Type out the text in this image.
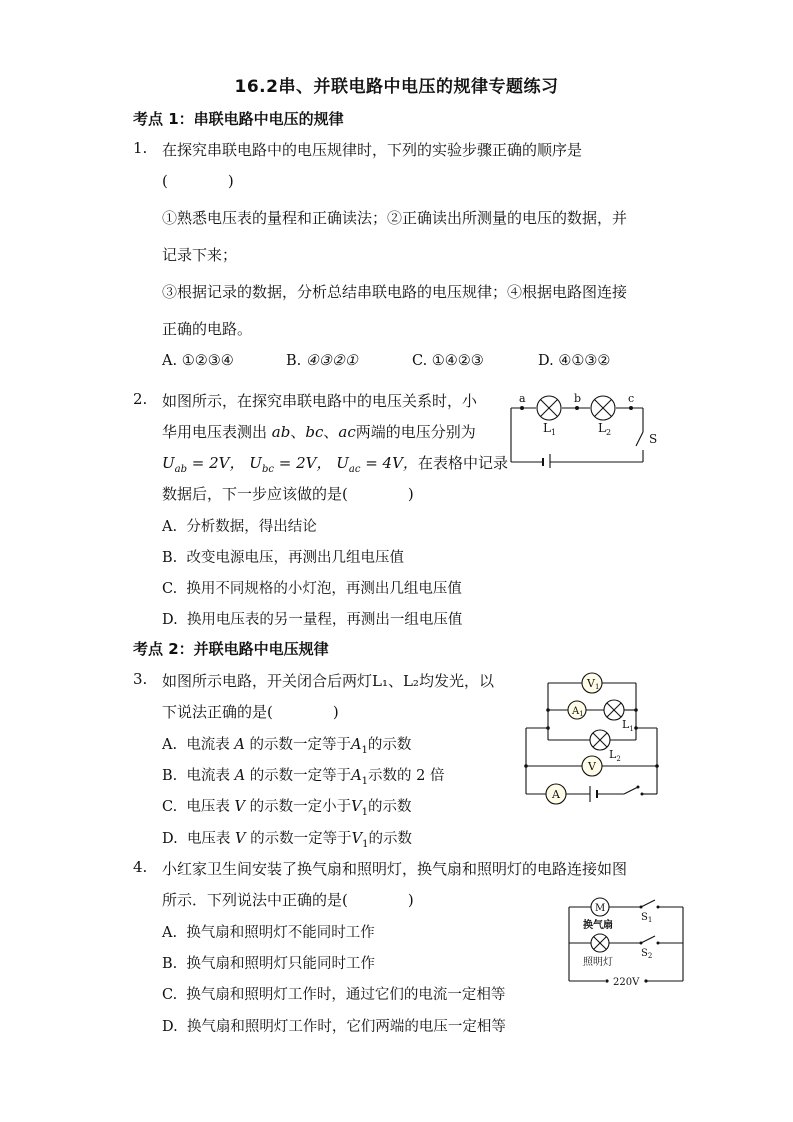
16.2串、并联电路中电压的规律专题练习
考点 1：串联电路中电压的规律
1. 在探究串联电路中的电压规律时，下列的实验步骤正确的顺序是
(　　　　)
①熟悉电压表的量程和正确读法；②正确读出所测量的电压的数据，并
记录下来；
③根据记录的数据，分析总结串联电路的电压规律；④根据电路图连接
正确的电路。
A. ①②③④	B. ④③②①	C. ①④②③	D. ④①③②
2. 如图所示，在探究串联电路中的电压关系时，小
华用电压表测出 ab、bc、ac两端的电压分别为
$U_{ab} = 2V$， $U_{bc} = 2V$， $U_{ac} = 4V$，在表格中记录
数据后，下一步应该做的是(　　　　)
A. 分析数据，得出结论
B. 改变电源电压，再测出几组电压值
C. 换用不同规格的小灯泡，再测出几组电压值
D. 换用电压表的另一量程，再测出一组电压值
a	b	c
$L_1$	$L_2$	S
考点 2：并联电路中电压规律
3. 如图所示电路，开关闭合后两灯L₁、L₂均发光，以
下说法正确的是(　　　　)
A. 电流表 A 的示数一定等于$A_1$的示数
B. 电流表 A 的示数一定等于$A_1$示数的 2 倍
C. 电压表 V 的示数一定小于$V_1$的示数
D. 电压表 V 的示数一定等于$V_1$的示数
V1
$A_1$
$L_1$
$L_2$
V
A
4. 小红家卫生间安装了换气扇和照明灯，换气扇和照明灯的电路连接如图
所示．下列说法中正确的是(　　　　)
A. 换气扇和照明灯不能同时工作
B. 换气扇和照明灯只能同时工作
C. 换气扇和照明灯工作时，通过它们的电流一定相等
D. 换气扇和照明灯工作时，它们两端的电压一定相等
M
换气扇
照明灯
$S_1$
$S_2$
220V
